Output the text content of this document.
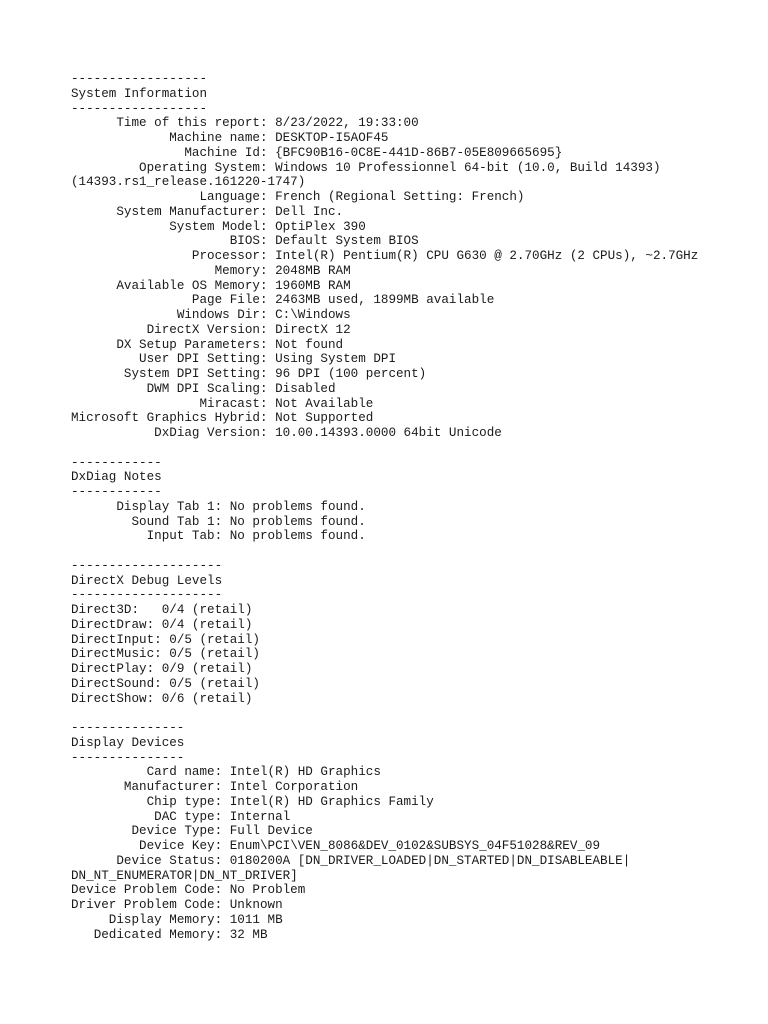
------------------
System Information
------------------
Time of this report: 8/23/2022, 19:33:00
Machine name: DESKTOP-I5AOF45
Machine Id: {BFC90B16-0C8E-441D-86B7-05E809665695}
Operating System: Windows 10 Professionnel 64-bit (10.0, Build 14393)
(14393.rs1_release.161220-1747)
Language: French (Regional Setting: French)
System Manufacturer: Dell Inc.
System Model: OptiPlex 390
BIOS: Default System BIOS
Processor: Intel(R) Pentium(R) CPU G630 @ 2.70GHz (2 CPUs), ~2.7GHz
Memory: 2048MB RAM
Available OS Memory: 1960MB RAM
Page File: 2463MB used, 1899MB available
Windows Dir: C:\Windows
DirectX Version: DirectX 12
DX Setup Parameters: Not found
User DPI Setting: Using System DPI
System DPI Setting: 96 DPI (100 percent)
DWM DPI Scaling: Disabled
Miracast: Not Available
Microsoft Graphics Hybrid: Not Supported
DxDiag Version: 10.00.14393.0000 64bit Unicode
------------
DxDiag Notes
------------
Display Tab 1: No problems found.
Sound Tab 1: No problems found.
Input Tab: No problems found.
--------------------
DirectX Debug Levels
--------------------
Direct3D:   0/4 (retail)
DirectDraw: 0/4 (retail)
DirectInput: 0/5 (retail)
DirectMusic: 0/5 (retail)
DirectPlay: 0/9 (retail)
DirectSound: 0/5 (retail)
DirectShow: 0/6 (retail)
---------------
Display Devices
---------------
Card name: Intel(R) HD Graphics
Manufacturer: Intel Corporation
Chip type: Intel(R) HD Graphics Family
DAC type: Internal
Device Type: Full Device
Device Key: Enum\PCI\VEN_8086&DEV_0102&SUBSYS_04F51028&REV_09
Device Status: 0180200A [DN_DRIVER_LOADED|DN_STARTED|DN_DISABLEABLE|
DN_NT_ENUMERATOR|DN_NT_DRIVER]
Device Problem Code: No Problem
Driver Problem Code: Unknown
Display Memory: 1011 MB
Dedicated Memory: 32 MB
